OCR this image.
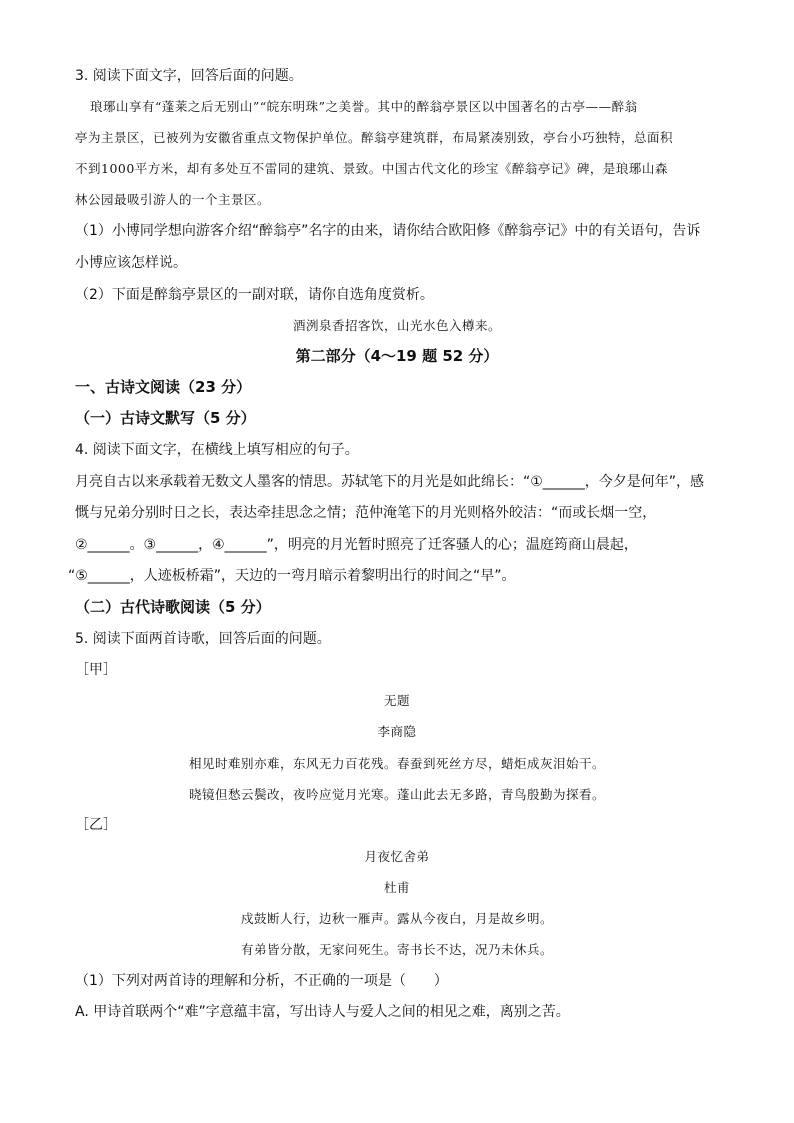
3. 阅读下面文字，回答后面的问题。
琅琊山享有“蓬莱之后无别山”“皖东明珠”之美誉。其中的醉翁亭景区以中国著名的古亭——醉翁
亭为主景区，已被列为安徽省重点文物保护单位。醉翁亭建筑群，布局紧凑别致，亭台小巧独特，总面积
不到1000平方米，却有多处互不雷同的建筑、景致。中国古代文化的珍宝《醉翁亭记》碑，是琅琊山森
林公园最吸引游人的一个主景区。
（1）小博同学想向游客介绍“醉翁亭”名字的由来，请你结合欧阳修《醉翁亭记》中的有关语句，告诉
小博应该怎样说。
（2）下面是醉翁亭景区的一副对联，请你自选角度赏析。
酒洌泉香招客饮，山光水色入樽来。
第二部分（4～19 题 52 分）
一、古诗文阅读（23 分）
（一）古诗文默写（5 分）
4. 阅读下面文字，在横线上填写相应的句子。
月亮自古以来承载着无数文人墨客的情思。苏轼笔下的月光是如此绵长：“①______，今夕是何年”，感
慨与兄弟分别时日之长，表达牵挂思念之情；范仲淹笔下的月光则格外皎洁：“而或长烟一空，
②______。③______，④______”，明亮的月光暂时照亮了迁客骚人的心；温庭筠商山晨起，
“⑤______，人迹板桥霜”，天边的一弯月暗示着黎明出行的时间之“早”。
（二）古代诗歌阅读（5 分）
5. 阅读下面两首诗歌，回答后面的问题。
［甲］
无题
李商隐
相见时难别亦难，东风无力百花残。春蚕到死丝方尽，蜡炬成灰泪始干。
晓镜但愁云鬓改，夜吟应觉月光寒。蓬山此去无多路，青鸟殷勤为探看。
［乙］
月夜忆舍弟
杜甫
戍鼓断人行，边秋一雁声。露从今夜白，月是故乡明。
有弟皆分散，无家问死生。寄书长不达，况乃未休兵。
（1）下列对两首诗的理解和分析，不正确的一项是（　　）
A. 甲诗首联两个“难”字意蕴丰富，写出诗人与爱人之间的相见之难，离别之苦。
